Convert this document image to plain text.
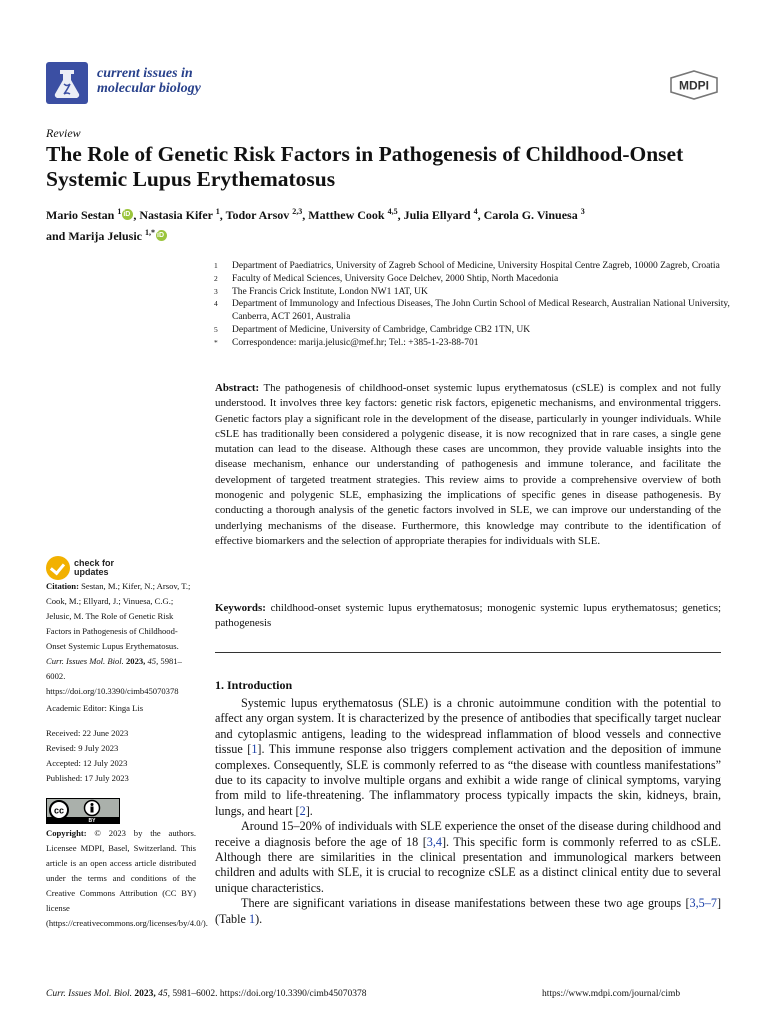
current issues in
molecular biology	MDPI
Review
The Role of Genetic Risk Factors in Pathogenesis of Childhood-Onset Systemic Lupus Erythematosus
Mario Sestan $^1$iD , Nastasia Kifer $^1$, Todor Arsov $^{2,3}$, Matthew Cook $^{4,5}$, Julia Ellyard $^4$, Carola G. Vinuesa $^3$
and Marija Jelusic $^{1,*}$iD
1	Department of Paediatrics, University of Zagreb School of Medicine, University Hospital Centre Zagreb, 10000 Zagreb, Croatia
2	Faculty of Medical Sciences, University Goce Delchev, 2000 Shtip, North Macedonia
3	The Francis Crick Institute, London NW1 1AT, UK
4	Department of Immunology and Infectious Diseases, The John Curtin School of Medical Research, Australian National University, Canberra, ACT 2601, Australia
5	Department of Medicine, University of Cambridge, Cambridge CB2 1TN, UK
*	Correspondence: marija.jelusic@mef.hr; Tel.: +385-1-23-88-701
Abstract: The pathogenesis of childhood-onset systemic lupus erythematosus (cSLE) is complex and not fully understood. It involves three key factors: genetic risk factors, epigenetic mechanisms, and environmental triggers. Genetic factors play a significant role in the development of the disease, particularly in younger individuals. While cSLE has traditionally been considered a polygenic disease, it is now recognized that in rare cases, a single gene mutation can lead to the disease. Although these cases are uncommon, they provide valuable insights into the disease mechanism, enhance our understanding of pathogenesis and immune tolerance, and facilitate the development of targeted treatment strategies. This review aims to provide a comprehensive overview of both monogenic and polygenic SLE, emphasizing the implications of specific genes in disease pathogenesis. By conducting a thorough analysis of the genetic factors involved in SLE, we can improve our understanding of the underlying mechanisms of the disease. Furthermore, this knowledge may contribute to the identification of effective biomarkers and the selection of appropriate therapies for individuals with SLE.
Keywords: childhood-onset systemic lupus erythematosus; monogenic systemic lupus erythematosus; genetics; pathogenesis
1. Introduction

Systemic lupus erythematosus (SLE) is a chronic autoimmune condition with the potential to affect any organ system. It is characterized by the presence of antibodies that specifically target nuclear and cytoplasmic antigens, leading to the widespread inflammation of blood vessels and connective tissue [1]. This immune response also triggers complement activation and the deposition of immune complexes. Consequently, SLE is commonly referred to as “the disease with countless manifestations” due to its capacity to involve multiple organs and exhibit a wide range of clinical symptoms, varying from mild to life-threatening. The inflammatory process typically impacts the skin, kidneys, brain, lungs, and heart [2].

Around 15–20% of individuals with SLE experience the onset of the disease during childhood and receive a diagnosis before the age of 18 [3,4]. This specific form is commonly referred to as cSLE. Although there are similarities in the clinical presentation and immunological markers between children and adults with SLE, it is crucial to recognize cSLE as a distinct clinical entity due to several unique characteristics.

There are significant variations in disease manifestations between these two age groups [3,5–7] (Table 1).

check for
updates
Citation: Sestan, M.; Kifer, N.; Arsov, T.; Cook, M.; Ellyard, J.; Vinuesa, C.G.; Jelusic, M. The Role of Genetic Risk Factors in Pathogenesis of Childhood-Onset Systemic Lupus Erythematosus. Curr. Issues Mol. Biol. 2023, 45, 5981–6002. https://doi.org/10.3390/cimb45070378
Academic Editor: Kinga Lis
Received: 22 June 2023
Revised: 9 July 2023
Accepted: 12 July 2023
Published: 17 July 2023
cc
BY
Copyright: © 2023 by the authors. Licensee MDPI, Basel, Switzerland. This article is an open access article distributed under the terms and conditions of the Creative Commons Attribution (CC BY) license (https://creativecommons.org/licenses/by/4.0/).
Curr. Issues Mol. Biol. 2023, 45, 5981–6002. https://doi.org/10.3390/cimb45070378	https://www.mdpi.com/journal/cimb
